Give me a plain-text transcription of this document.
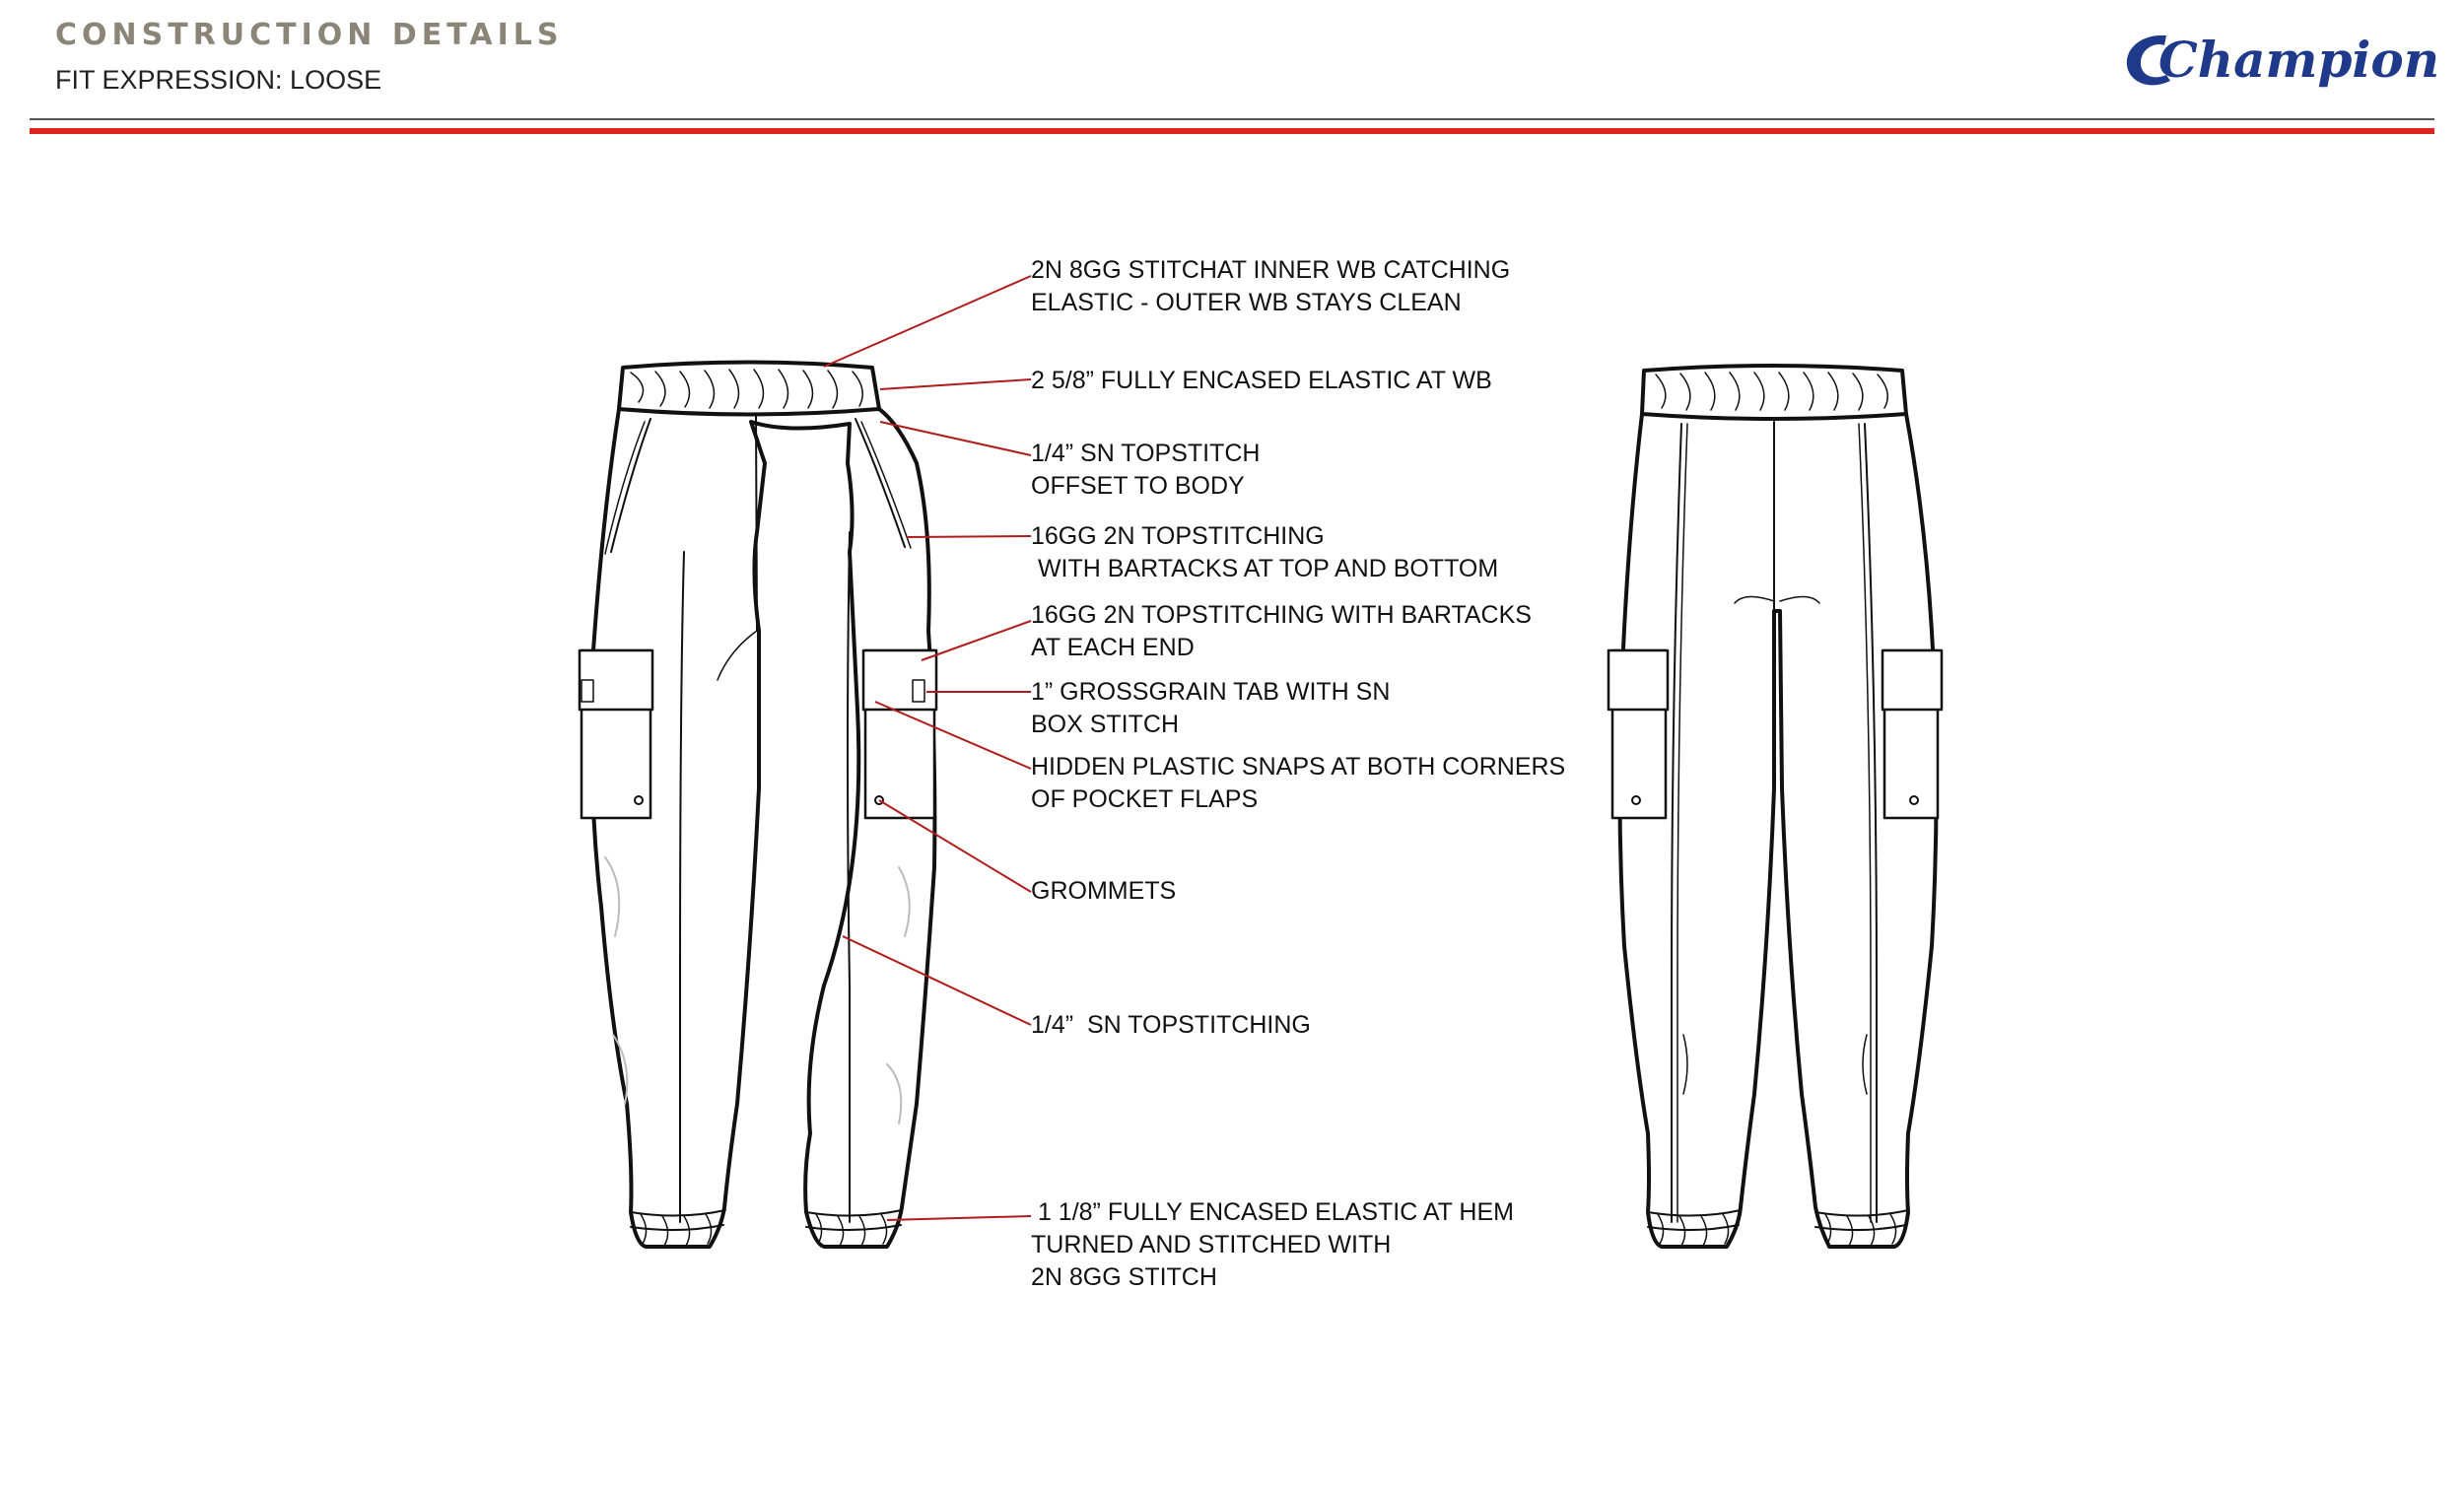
CONSTRUCTION DETAILS
FIT EXPRESSION: LOOSE	Champion
2N 8GG STITCHAT INNER WB CATCHING
ELASTIC - OUTER WB STAYS CLEAN
2 5/8” FULLY ENCASED ELASTIC AT WB
1/4” SN TOPSTITCH
OFFSET TO BODY
16GG 2N TOPSTITCHING
WITH BARTACKS AT TOP AND BOTTOM
16GG 2N TOPSTITCHING WITH BARTACKS
AT EACH END
1” GROSSGRAIN TAB WITH SN
BOX STITCH
HIDDEN PLASTIC SNAPS AT BOTH CORNERS
OF POCKET FLAPS
GROMMETS
1/4”  SN TOPSTITCHING
1 1/8” FULLY ENCASED ELASTIC AT HEM
TURNED AND STITCHED WITH
2N 8GG STITCH
